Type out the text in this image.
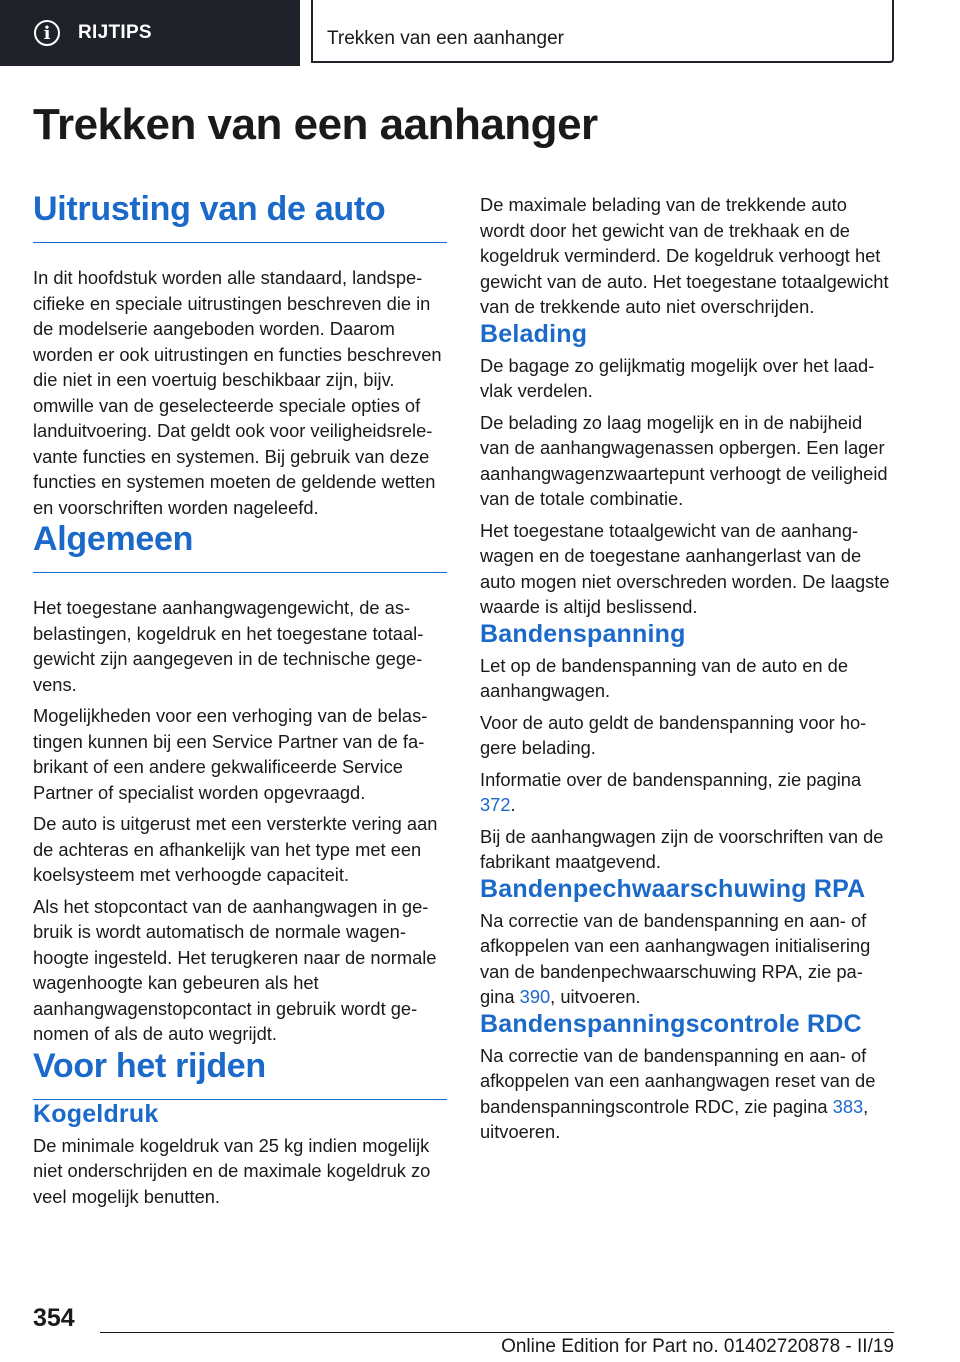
i	RIJTIPS	Trekken van een aanhanger
Trekken van een aanhanger
Uitrusting van de auto

In dit hoofdstuk worden alle standaard, landspecifieke en speciale uitrustingen beschreven die in de modelserie aangeboden worden. Daarom worden er ook uitrustingen en functies beschreven die niet in een voertuig beschikbaar zijn, bijv. omwille van de geselecteerde speciale opties of landuitvoering. Dat geldt ook voor veiligheidsrelevante functies en systemen. Bij gebruik van deze functies en systemen moeten de geldende wetten en voorschriften worden nageleefd.

Algemeen

Het toegestane aanhangwagengewicht, de asbelastingen, kogeldruk en het toegestane totaalgewicht zijn aangegeven in de technische gegevens.

Mogelijkheden voor een verhoging van de belastingen kunnen bij een Service Partner van de fabrikant of een andere gekwalificeerde Service Partner of specialist worden opgevraagd.

De auto is uitgerust met een versterkte vering aan de achteras en afhankelijk van het type met een koelsysteem met verhoogde capaciteit.

Als het stopcontact van de aanhangwagen in gebruik is wordt automatisch de normale wagenhoogte ingesteld. Het terugkeren naar de normale wagenhoogte kan gebeuren als het aanhangwagenstopcontact in gebruik wordt genomen of als de auto wegrijdt.

Voor het rijden
Kogeldruk

De minimale kogeldruk van 25 kg indien mogelijk niet onderschrijden en de maximale kogeldruk zo veel mogelijk benutten.

De maximale belading van de trekkende auto wordt door het gewicht van de trekhaak en de kogeldruk verminderd. De kogeldruk verhoogt het gewicht van de auto. Het toegestane totaalgewicht van de trekkende auto niet overschrijden.

Belading

De bagage zo gelijkmatig mogelijk over het laadvlak verdelen.

De belading zo laag mogelijk en in de nabijheid van de aanhangwagenassen opbergen. Een lager aanhangwagenzwaartepunt verhoogt de veiligheid van de totale combinatie.

Het toegestane totaalgewicht van de aanhangwagen en de toegestane aanhangerlast van de auto mogen niet overschreden worden. De laagste waarde is altijd beslissend.

Bandenspanning

Let op de bandenspanning van de auto en de aanhangwagen.

Voor de auto geldt de bandenspanning voor hogere belading.

Informatie over de bandenspanning, zie pagina 372.

Bij de aanhangwagen zijn de voorschriften van de fabrikant maatgevend.

Bandenpechwaarschuwing RPA

Na correctie van de bandenspanning en aan- of afkoppelen van een aanhangwagen initialisering van de bandenpechwaarschuwing RPA, zie pagina 390, uitvoeren.

Bandenspanningscontrole RDC

Na correctie van de bandenspanning en aan- of afkoppelen van een aanhangwagen reset van de bandenspanningscontrole RDC, zie pagina 383, uitvoeren.

354
Online Edition for Part no. 01402720878 - II/19
